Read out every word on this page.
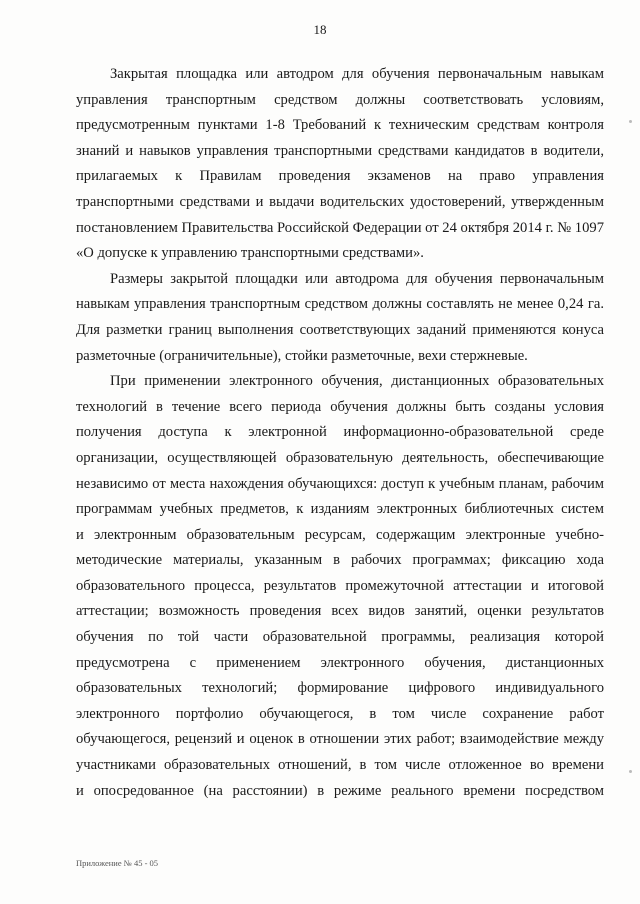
18
Закрытая площадка или автодром для обучения первоначальным навыкам
управления транспортным средством должны соответствовать условиям,
предусмотренным пунктами 1-8 Требований к техническим средствам контроля
знаний и навыков управления транспортными средствами кандидатов в водители,
прилагаемых к Правилам проведения экзаменов на право управления
транспортными средствами и выдачи водительских удостоверений, утвержденным
постановлением Правительства Российской Федерации от 24 октября 2014 г. № 1097
«О допуске к управлению транспортными средствами».
Размеры закрытой площадки или автодрома для обучения первоначальным
навыкам управления транспортным средством должны составлять не менее 0,24 га.
Для разметки границ выполнения соответствующих заданий применяются конуса
разметочные (ограничительные), стойки разметочные, вехи стержневые.
При применении электронного обучения, дистанционных образовательных
технологий в течение всего периода обучения должны быть созданы условия
получения доступа к электронной информационно-образовательной среде
организации, осуществляющей образовательную деятельность, обеспечивающие
независимо от места нахождения обучающихся: доступ к учебным планам, рабочим
программам учебных предметов, к изданиям электронных библиотечных систем
и электронным образовательным ресурсам, содержащим электронные учебно-
методические материалы, указанным в рабочих программах; фиксацию хода
образовательного процесса, результатов промежуточной аттестации и итоговой
аттестации; возможность проведения всех видов занятий, оценки результатов
обучения по той части образовательной программы, реализация которой
предусмотрена с применением электронного обучения, дистанционных
образовательных технологий; формирование цифрового индивидуального
электронного портфолио обучающегося, в том числе сохранение работ
обучающегося, рецензий и оценок в отношении этих работ; взаимодействие между
участниками образовательных отношений, в том числе отложенное во времени
и опосредованное (на расстоянии) в режиме реального времени посредством
Приложение № 45 - 05
